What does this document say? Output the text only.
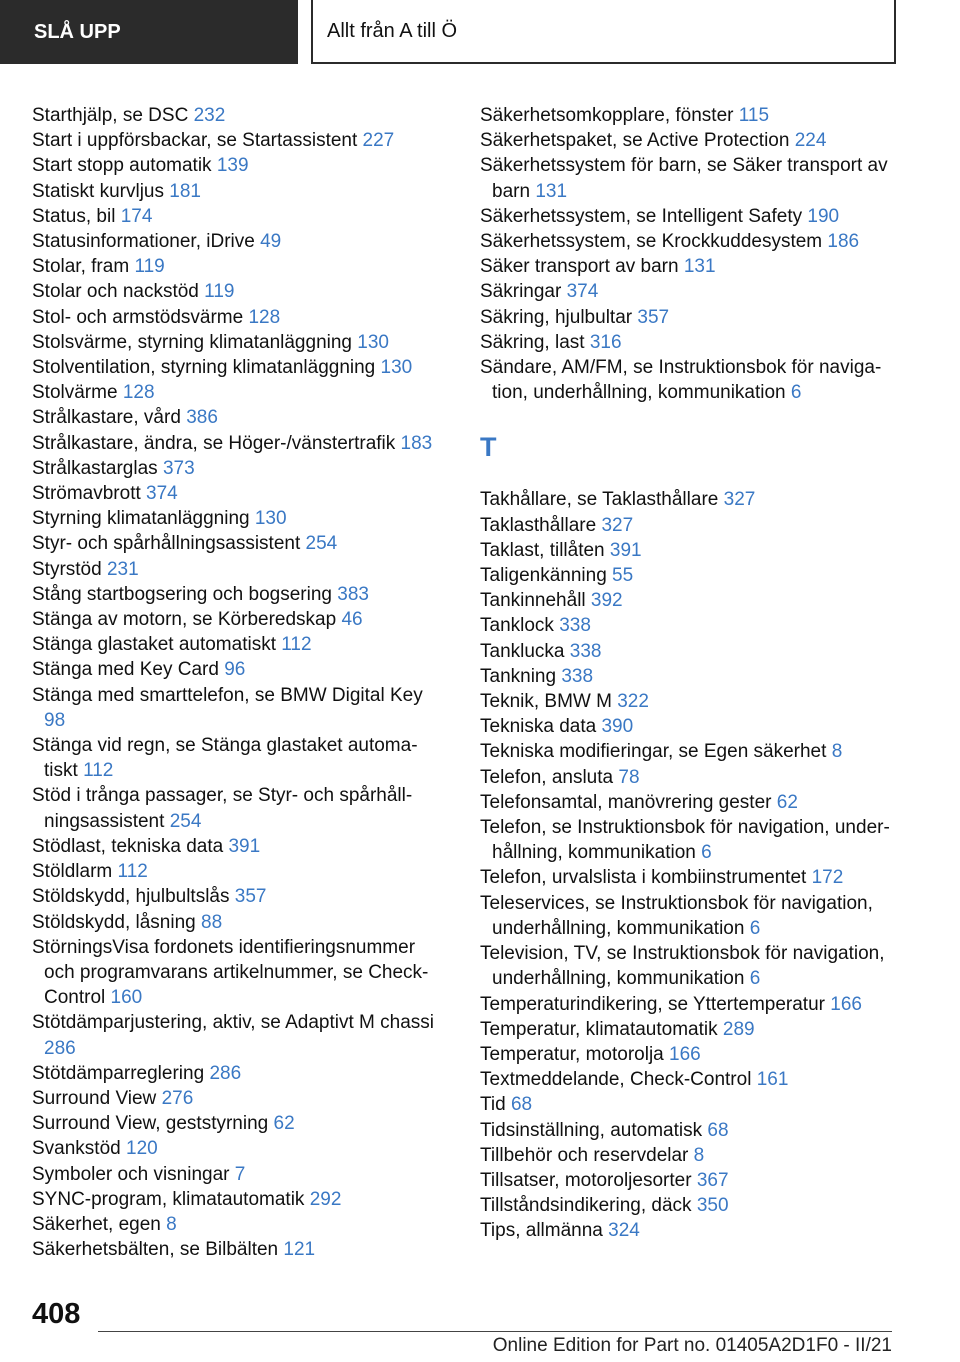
SLÅ UPP	Allt från A till Ö
Starthjälp, se DSC 232
Start i uppförsbackar, se Startassistent 227
Start stopp automatik 139
Statiskt kurvljus 181
Status, bil 174
Statusinformationer, iDrive 49
Stolar, fram 119
Stolar och nackstöd 119
Stol- och armstödsvärme 128
Stolsvärme, styrning klimatanläggning 130
Stolventilation, styrning klimatanläggning 130
Stolvärme 128
Strålkastare, vård 386
Strålkastare, ändra, se Höger-/vänstertrafik 183
Strålkastarglas 373
Strömavbrott 374
Styrning klimatanläggning 130
Styr- och spårhållningsassistent 254
Styrstöd 231
Stång startbogsering och bogsering 383
Stänga av motorn, se Körberedskap 46
Stänga glastaket automatiskt 112
Stänga med Key Card 96
Stänga med smarttelefon, se BMW Digital Key 98
Stänga vid regn, se Stänga glastaket automa-tiskt 112
Stöd i trånga passager, se Styr- och spårhåll-ningsassistent 254
Stödlast, tekniska data 391
Stöldlarm 112
Stöldskydd, hjulbultslås 357
Stöldskydd, låsning 88
StörningsVisa fordonets identifieringsnummer och programvarans artikelnummer, se Check-Control 160
Stötdämparjustering, aktiv, se Adaptivt M chassi 286
Stötdämparreglering 286
Surround View 276
Surround View, geststyrning 62
Svankstöd 120
Symboler och visningar 7
SYNC-program, klimatautomatik 292
Säkerhet, egen 8
Säkerhetsbälten, se Bilbälten 121
Säkerhetsomkopplare, fönster 115
Säkerhetspaket, se Active Protection 224
Säkerhetssystem för barn, se Säker transport av barn 131
Säkerhetssystem, se Intelligent Safety 190
Säkerhetssystem, se Krockkuddesystem 186
Säker transport av barn 131
Säkringar 374
Säkring, hjulbultar 357
Säkring, last 316
Sändare, AM/FM, se Instruktionsbok för naviga-tion, underhållning, kommunikation 6
T
Takhållare, se Taklasthållare 327
Taklasthållare 327
Taklast, tillåten 391
Taligenkänning 55
Tankinnehåll 392
Tanklock 338
Tanklucka 338
Tankning 338
Teknik, BMW M 322
Tekniska data 390
Tekniska modifieringar, se Egen säkerhet 8
Telefon, ansluta 78
Telefonsamtal, manövrering gester 62
Telefon, se Instruktionsbok för navigation, under-hållning, kommunikation 6
Telefon, urvalslista i kombiinstrumentet 172
Teleservices, se Instruktionsbok för navigation, underhållning, kommunikation 6
Television, TV, se Instruktionsbok för navigation, underhållning, kommunikation 6
Temperaturindikering, se Yttertemperatur 166
Temperatur, klimatautomatik 289
Temperatur, motorolja 166
Textmeddelande, Check-Control 161
Tid 68
Tidsinställning, automatisk 68
Tillbehör och reservdelar 8
Tillsatser, motoroljesorter 367
Tillståndsindikering, däck 350
Tips, allmänna 324
408
Online Edition for Part no. 01405A2D1F0 - II/21
